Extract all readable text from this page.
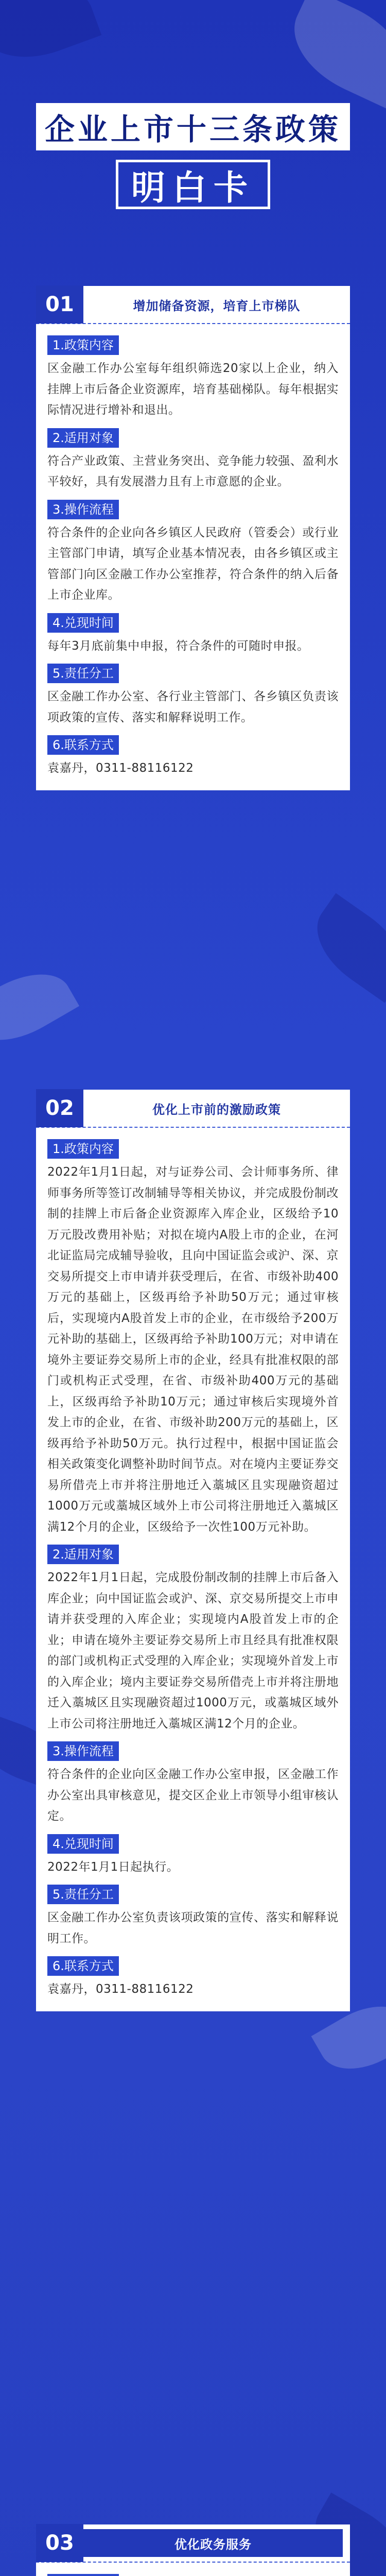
企业上市十三条政策
明白卡
01	增加储备资源，培育上市梯队
1.政策内容

区金融工作办公室每年组织筛选20家以上企业，纳入挂牌上市后备企业资源库，培育基础梯队。每年根据实际情况进行增补和退出。

2.适用对象

符合产业政策、主营业务突出、竞争能力较强、盈利水平较好，具有发展潜力且有上市意愿的企业。

3.操作流程

符合条件的企业向各乡镇区人民政府（管委会）或行业主管部门申请，填写企业基本情况表，由各乡镇区或主管部门向区金融工作办公室推荐，符合条件的纳入后备上市企业库。

4.兑现时间

每年3月底前集中申报，符合条件的可随时申报。

5.责任分工

区金融工作办公室、各行业主管部门、各乡镇区负责该项政策的宣传、落实和解释说明工作。

6.联系方式

袁嘉丹，0311-88116122

02	优化上市前的激励政策
1.政策内容

2022年1月1日起，对与证券公司、会计师事务所、律师事务所等签订改制辅导等相关协议，并完成股份制改制的挂牌上市后备企业资源库入库企业，区级给予10万元股改费用补贴；对拟在境内A股上市的企业，在河北证监局完成辅导验收，且向中国证监会或沪、深、京交易所提交上市申请并获受理后，在省、市级补助400万元的基础上，区级再给予补助50万元；通过审核后，实现境内A股首发上市的企业，在市级给予200万元补助的基础上，区级再给予补助100万元；对申请在境外主要证券交易所上市的企业，经具有批准权限的部门或机构正式受理，在省、市级补助400万元的基础上，区级再给予补助10万元；通过审核后实现境外首发上市的企业，在省、市级补助200万元的基础上，区级再给予补助50万元。执行过程中，根据中国证监会相关政策变化调整补助时间节点。对在境内主要证券交易所借壳上市并将注册地迁入藁城区且实现融资超过1000万元或藁城区域外上市公司将注册地迁入藁城区满12个月的企业，区级给予一次性100万元补助。

2.适用对象

2022年1月1日起，完成股份制改制的挂牌上市后备入库企业；向中国证监会或沪、深、京交易所提交上市申请并获受理的入库企业；实现境内A股首发上市的企业；申请在境外主要证券交易所上市且经具有批准权限的部门或机构正式受理的入库企业；实现境外首发上市的入库企业；境内主要证券交易所借壳上市并将注册地迁入藁城区且实现融资超过1000万元，或藁城区域外上市公司将注册地迁入藁城区满12个月的企业。

3.操作流程

符合条件的企业向区金融工作办公室申报，区金融工作办公室出具审核意见，提交区企业上市领导小组审核认定。

4.兑现时间

2022年1月1日起执行。

5.责任分工

区金融工作办公室负责该项政策的宣传、落实和解释说明工作。

6.联系方式

袁嘉丹，0311-88116122

03	优化政务服务
